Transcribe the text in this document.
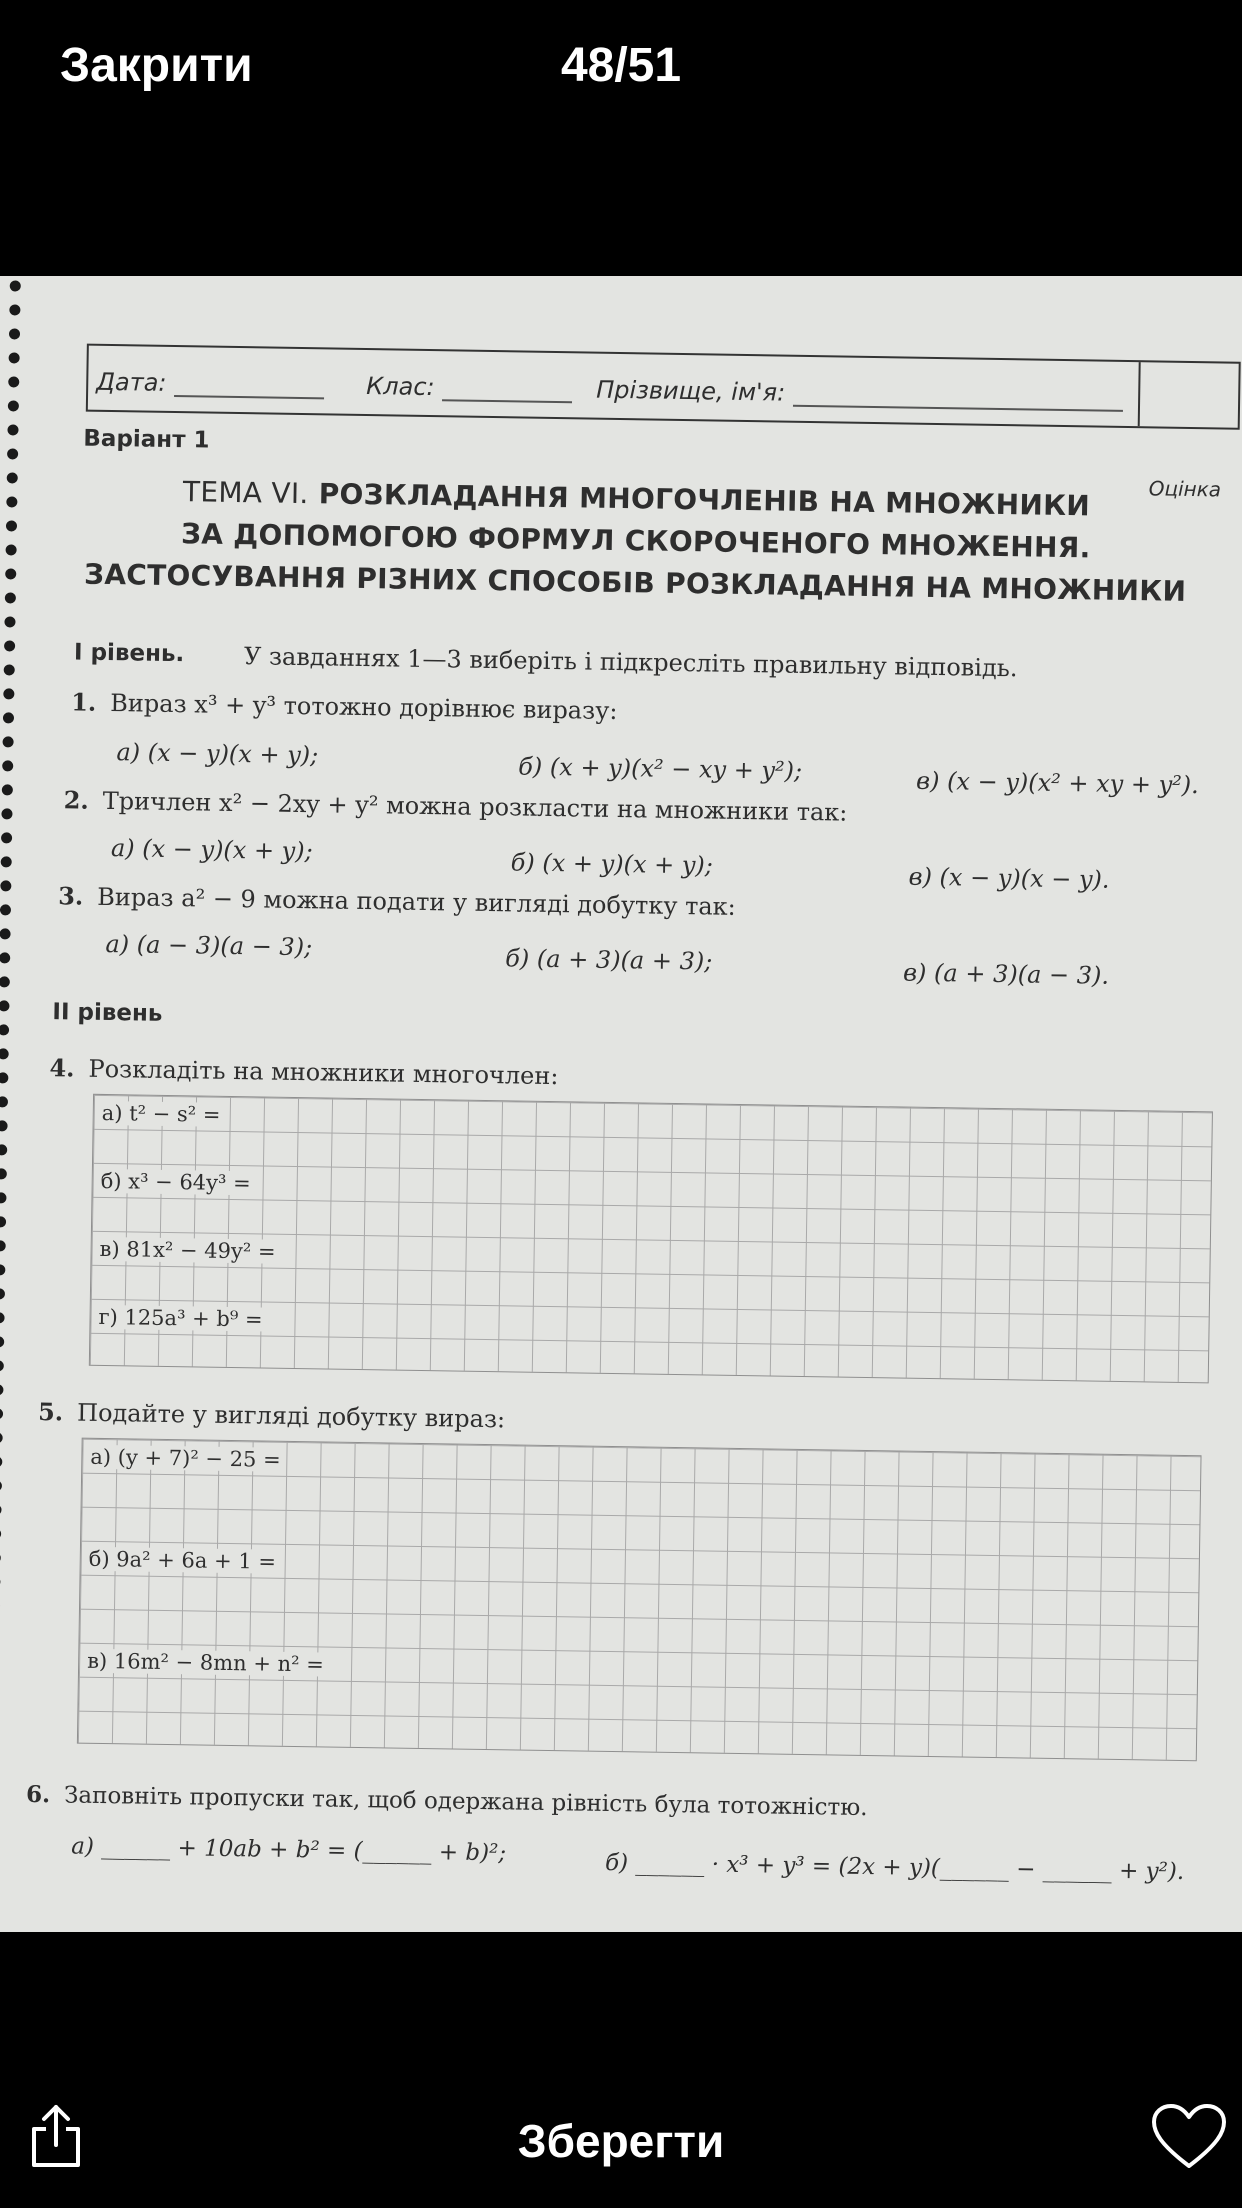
Закрити	48/51
Дата:	Клас:	Прізвище, ім'я:
Варіант 1
Оцінка
ТЕМА VI. РОЗКЛАДАННЯ МНОГОЧЛЕНІВ НА МНОЖНИКИ
ЗА ДОПОМОГОЮ ФОРМУЛ СКОРОЧЕНОГО МНОЖЕННЯ.
ЗАСТОСУВАННЯ РІЗНИХ СПОСОБІВ РОЗКЛАДАННЯ НА МНОЖНИКИ
І рівень. У завданнях 1—3 виберіть і підкресліть правильну відповідь.
1. Вираз x³ + y³ тотожно дорівнює виразу:
а) (x − y)(x + y);	б) (x + y)(x² − xy + y²);	в) (x − y)(x² + xy + y²).
2. Тричлен x² − 2xy + y² можна розкласти на множники так:
а) (x − y)(x + y);	б) (x + y)(x + y);	в) (x − y)(x − y).
3. Вираз a² − 9 можна подати у вигляді добутку так:
а) (a − 3)(a − 3);	б) (a + 3)(a + 3);	в) (a + 3)(a − 3).
ІІ рівень
4. Розкладіть на множники многочлен:
а) t² − s² =
б) x³ − 64y³ =
в) 81x² − 49y² =
г) 125a³ + b⁹ =
5. Подайте у вигляді добутку вираз:
а) (y + 7)² − 25 =
б) 9a² + 6a + 1 =
в) 16m² − 8mn + n² =
6. Заповніть пропуски так, щоб одержана рівність була тотожністю.
а) ______ + 10ab + b² = (______ + b)²;	б) ______ · x³ + y³ = (2x + y)(______ − ______ + y²).
Зберегти
